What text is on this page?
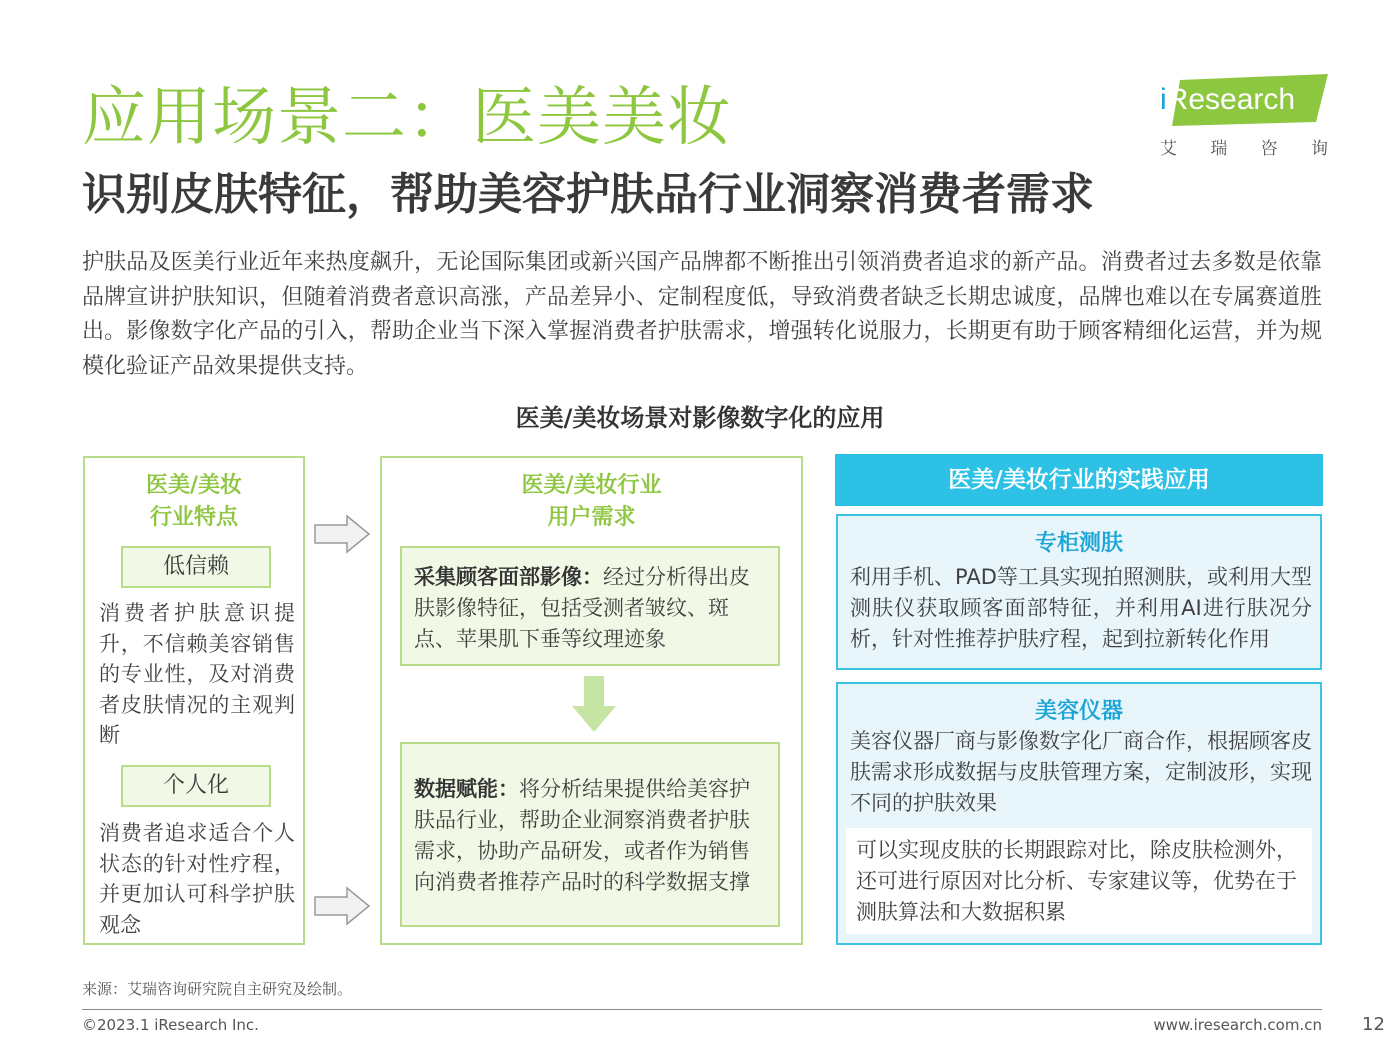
应用场景二：医美美妆
识别皮肤特征，帮助美容护肤品行业洞察消费者需求
iResearch
艾 瑞 咨 询

护肤品及医美行业近年来热度飙升，无论国际集团或新兴国产品牌都不断推出引领消费者追求的新产品。消费者过去多数是依靠品牌宣讲护肤知识，但随着消费者意识高涨，产品差异小、定制程度低，导致消费者缺乏长期忠诚度，品牌也难以在专属赛道胜出。影像数字化产品的引入，帮助企业当下深入掌握消费者护肤需求，增强转化说服力，长期更有助于顾客精细化运营，并为规模化验证产品效果提供支持。

医美/美妆场景对影像数字化的应用
医美/美妆
行业特点
低信赖
消费者护肤意识提升，不信赖美容销售的专业性，及对消费者皮肤情况的主观判断
个人化
消费者追求适合个人状态的针对性疗程，并更加认可科学护肤观念
医美/美妆行业
用户需求
采集顾客面部影像：经过分析得出皮肤影像特征，包括受测者皱纹、斑点、苹果肌下垂等纹理迹象
数据赋能：将分析结果提供给美容护肤品行业，帮助企业洞察消费者护肤需求，协助产品研发，或者作为销售向消费者推荐产品时的科学数据支撑
医美/美妆行业的实践应用
专柜测肤
利用手机、PAD等工具实现拍照测肤，或利用大型测肤仪获取顾客面部特征，并利用AI进行肤况分析，针对性推荐护肤疗程，起到拉新转化作用
美容仪器
美容仪器厂商与影像数字化厂商合作，根据顾客皮肤需求形成数据与皮肤管理方案，定制波形，实现不同的护肤效果
可以实现皮肤的长期跟踪对比，除皮肤检测外，还可进行原因对比分析、专家建议等，优势在于测肤算法和大数据积累
来源：艾瑞咨询研究院自主研究及绘制。
©2023.1 iResearch Inc.	www.iresearch.com.cn 12
